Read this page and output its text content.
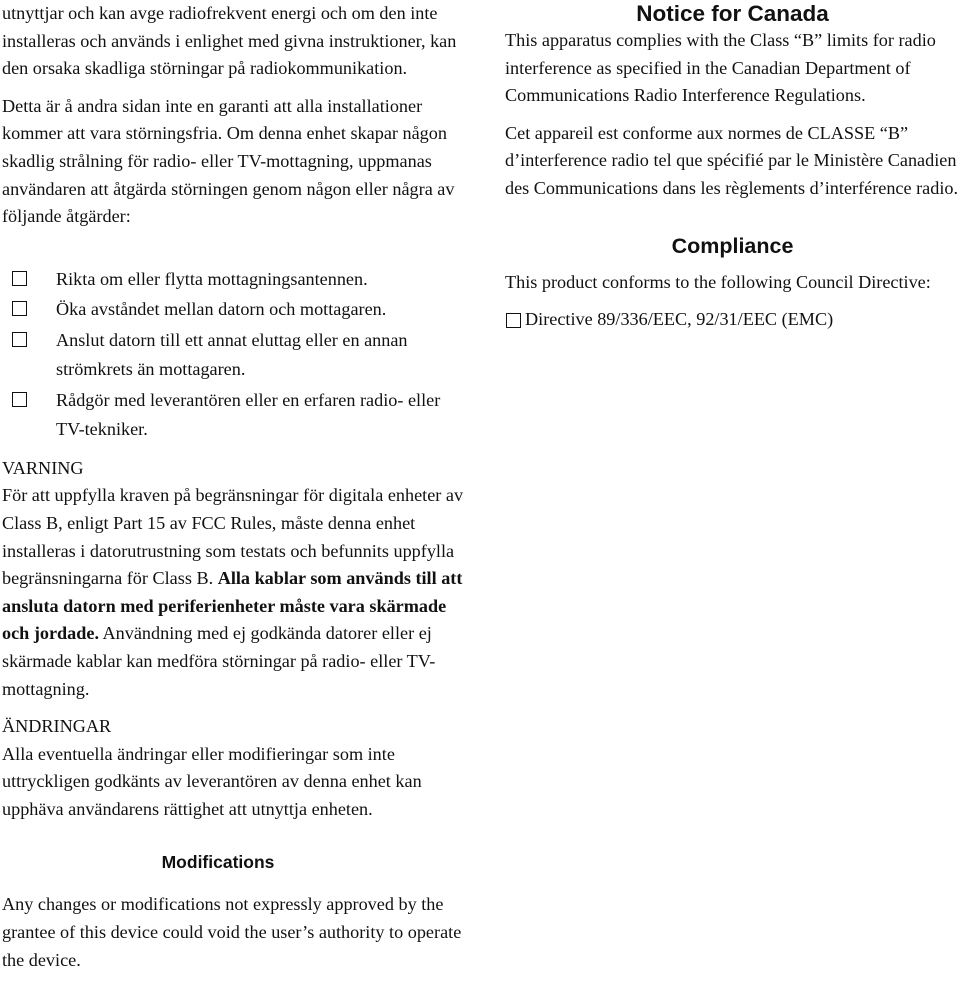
utnyttjar och kan avge radiofrekvent energi och om den inte installeras och används i enlighet med givna instruktioner, kan den orsaka skadliga störningar på radiokommunikation.

Detta är å andra sidan inte en garanti att alla installationer kommer att vara störningsfria. Om denna enhet skapar någon skadlig strålning för radio- eller TV-mottagning, uppmanas användaren att åtgärda störningen genom någon eller några av följande åtgärder:

Rikta om eller flytta mottagningsantennen.
Öka avståndet mellan datorn och mottagaren.
Anslut datorn till ett annat eluttag eller en annan strömkrets än mottagaren.
Rådgör med leverantören eller en erfaren radio- eller TV-tekniker.

VARNING

För att uppfylla kraven på begränsningar för digitala enheter av Class B, enligt Part 15 av FCC Rules, måste denna enhet installeras i datorutrustning som testats och befunnits uppfylla begränsningarna för Class B. Alla kablar som används till att ansluta datorn med periferienheter måste vara skärmade och jordade. Användning med ej godkända datorer eller ej skärmade kablar kan medföra störningar på radio- eller TV-mottagning.

ÄNDRINGAR

Alla eventuella ändringar eller modifieringar som inte uttryckligen godkänts av leverantören av denna enhet kan upphäva användarens rättighet att utnyttja enheten.

Modifications

Any changes or modifications not expressly approved by the grantee of this device could void the user’s authority to operate the device.

Notice for Canada

This apparatus complies with the Class “B” limits for radio interference as specified in the Canadian Department of Communications Radio Interference Regulations.

Cet appareil est conforme aux normes de CLASSE “B” d’interference radio tel que spécifié par le Ministère Canadien des Communications dans les règlements d’interférence radio.

Compliance

This product conforms to the following Council Directive:

Directive 89/336/EEC, 92/31/EEC (EMC)
